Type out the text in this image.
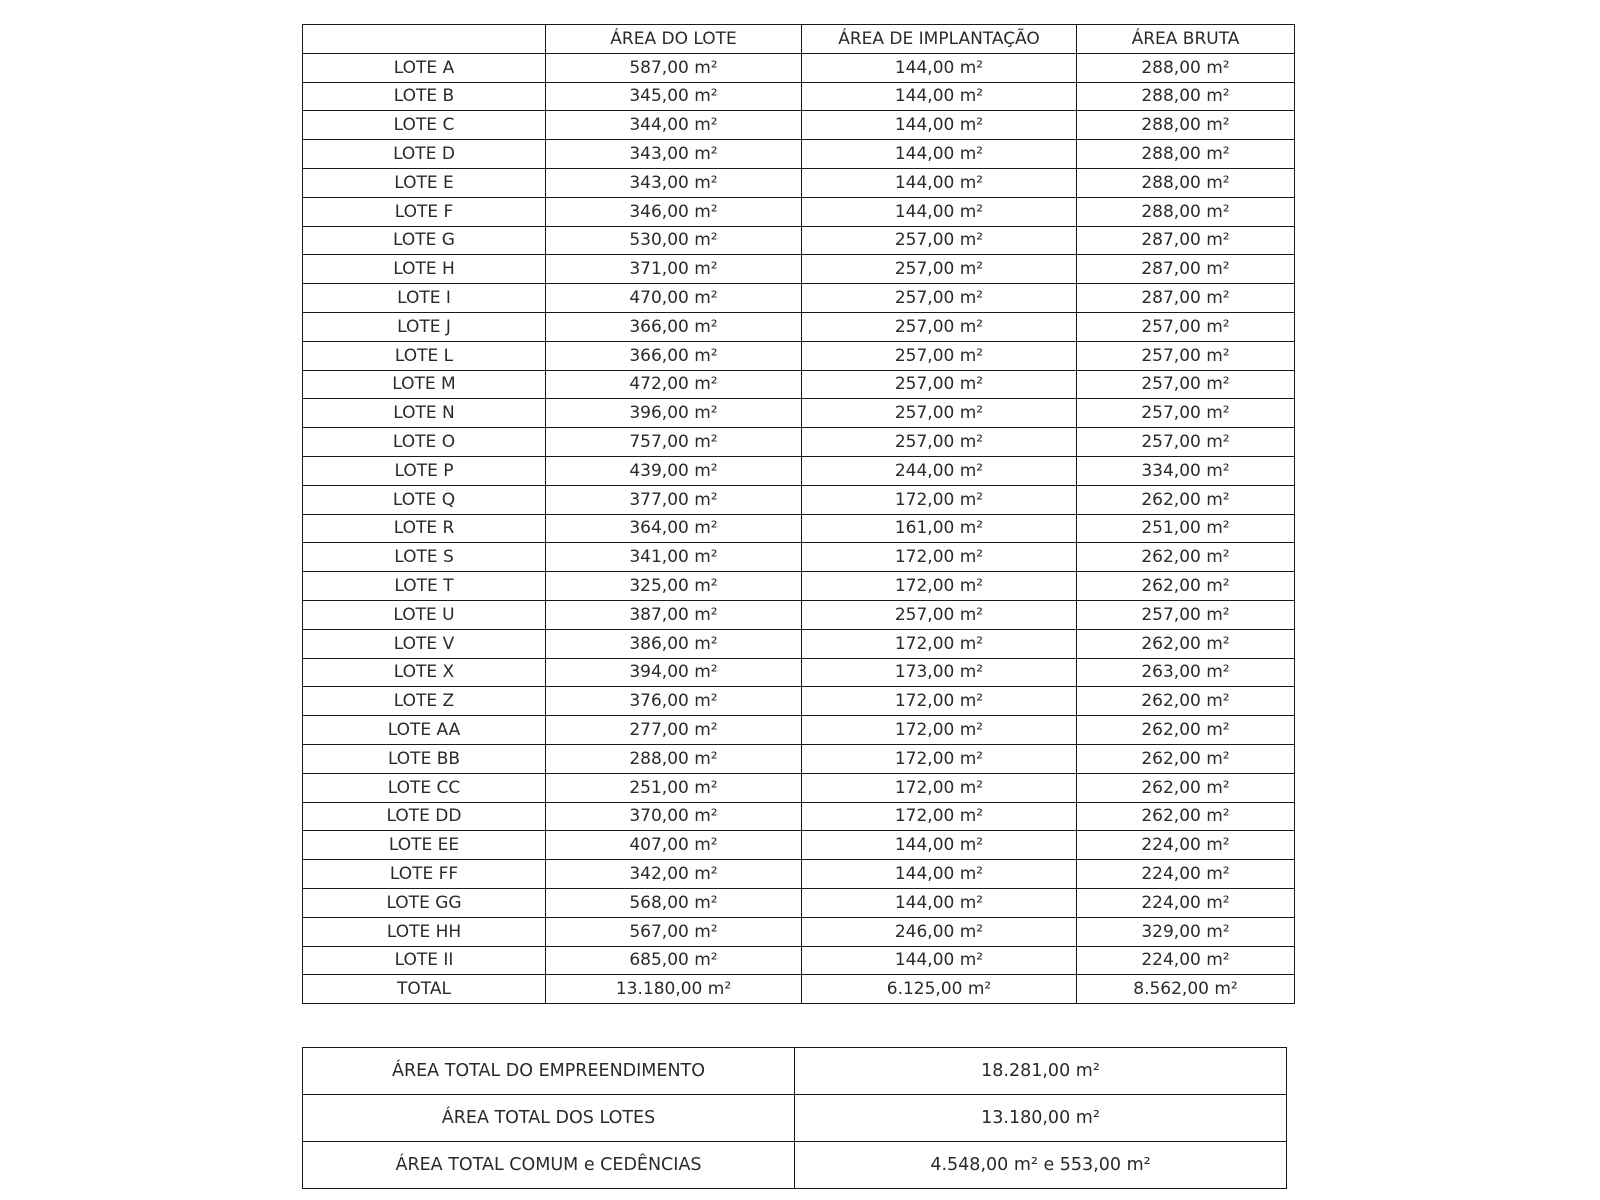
	ÁREA DO LOTE	ÁREA DE IMPLANTAÇÃO	ÁREA BRUTA
LOTE A	587,00 m²	144,00 m²	288,00 m²
LOTE B	345,00 m²	144,00 m²	288,00 m²
LOTE C	344,00 m²	144,00 m²	288,00 m²
LOTE D	343,00 m²	144,00 m²	288,00 m²
LOTE E	343,00 m²	144,00 m²	288,00 m²
LOTE F	346,00 m²	144,00 m²	288,00 m²
LOTE G	530,00 m²	257,00 m²	287,00 m²
LOTE H	371,00 m²	257,00 m²	287,00 m²
LOTE I	470,00 m²	257,00 m²	287,00 m²
LOTE J	366,00 m²	257,00 m²	257,00 m²
LOTE L	366,00 m²	257,00 m²	257,00 m²
LOTE M	472,00 m²	257,00 m²	257,00 m²
LOTE N	396,00 m²	257,00 m²	257,00 m²
LOTE O	757,00 m²	257,00 m²	257,00 m²
LOTE P	439,00 m²	244,00 m²	334,00 m²
LOTE Q	377,00 m²	172,00 m²	262,00 m²
LOTE R	364,00 m²	161,00 m²	251,00 m²
LOTE S	341,00 m²	172,00 m²	262,00 m²
LOTE T	325,00 m²	172,00 m²	262,00 m²
LOTE U	387,00 m²	257,00 m²	257,00 m²
LOTE V	386,00 m²	172,00 m²	262,00 m²
LOTE X	394,00 m²	173,00 m²	263,00 m²
LOTE Z	376,00 m²	172,00 m²	262,00 m²
LOTE AA	277,00 m²	172,00 m²	262,00 m²
LOTE BB	288,00 m²	172,00 m²	262,00 m²
LOTE CC	251,00 m²	172,00 m²	262,00 m²
LOTE DD	370,00 m²	172,00 m²	262,00 m²
LOTE EE	407,00 m²	144,00 m²	224,00 m²
LOTE FF	342,00 m²	144,00 m²	224,00 m²
LOTE GG	568,00 m²	144,00 m²	224,00 m²
LOTE HH	567,00 m²	246,00 m²	329,00 m²
LOTE II	685,00 m²	144,00 m²	224,00 m²
TOTAL	13.180,00 m²	6.125,00 m²	8.562,00 m²
ÁREA TOTAL DO EMPREENDIMENTO	18.281,00 m²
ÁREA TOTAL DOS LOTES	13.180,00 m²
ÁREA TOTAL COMUM e CEDÊNCIAS	4.548,00 m² e 553,00 m²
